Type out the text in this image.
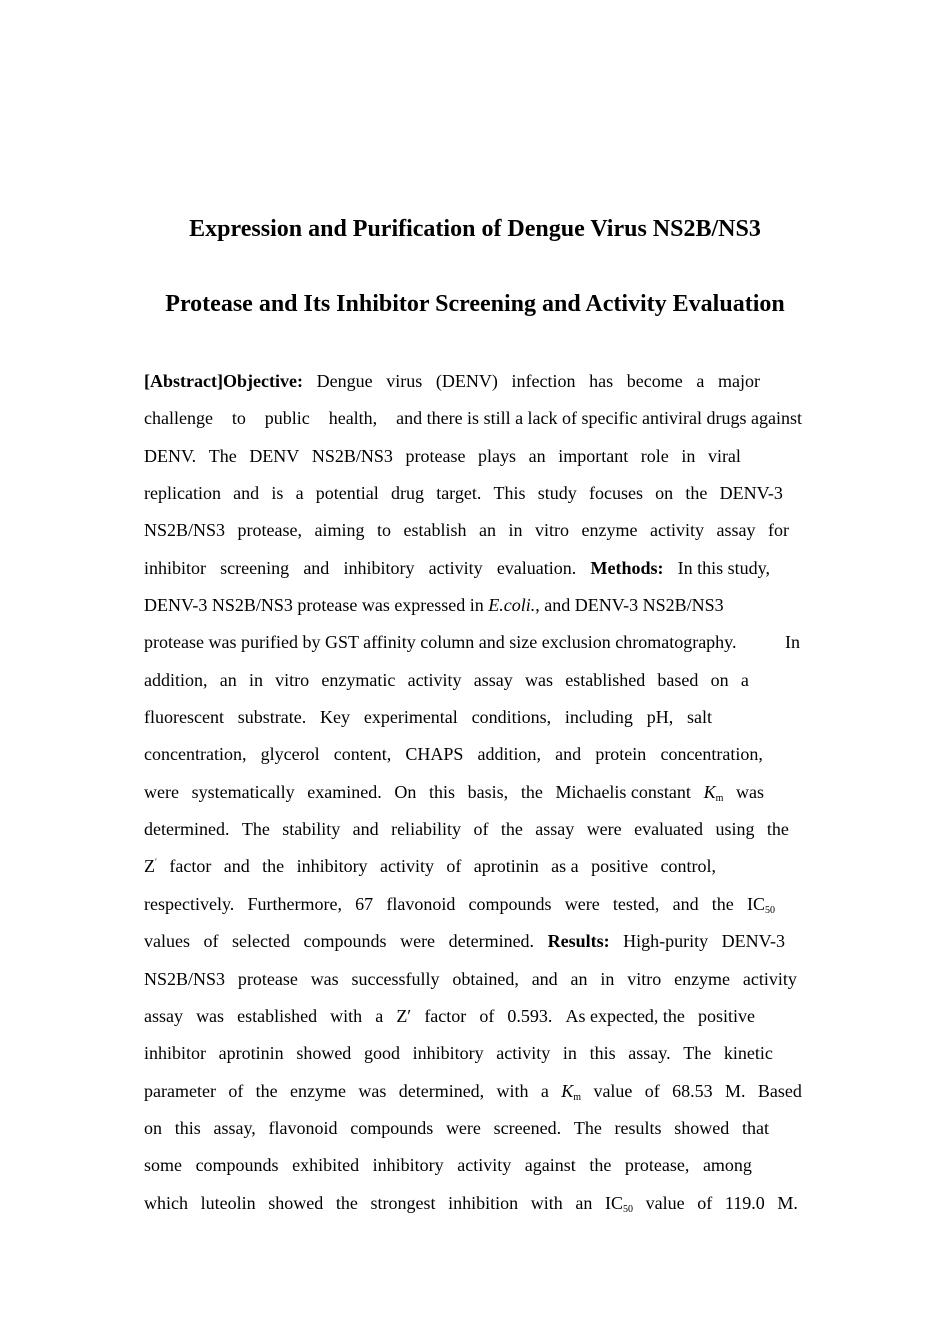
Expression and Purification of Dengue Virus NS2B/NS3
Protease and Its Inhibitor Screening and Activity Evaluation
[Abstract]Objective: Dengue virus (DENV) infection has become a major
challenge to public health, and there is still a lack of specific antiviral drugs against
DENV. The DENV NS2B/NS3 protease plays an important role in viral
replication and is a potential drug target. This study focuses on the DENV-3
NS2B/NS3 protease, aiming to establish an in vitro enzyme activity assay for
inhibitor screening and inhibitory activity evaluation. Methods: In this study,
DENV-3 NS2B/NS3 protease was expressed in E.coli., and DENV-3 NS2B/NS3
protease was purified by GST affinity column and size exclusion chromatography.	In
addition, an in vitro enzymatic activity assay was established based on a
fluorescent substrate. Key experimental conditions, including pH, salt
concentration, glycerol content, CHAPS addition, and protein concentration,
were systematically examined. On this basis, the Michaelis constant $K_m$ was
determined. The stability and reliability of the assay were evaluated using the
Z′ factor and the inhibitory activity of aprotinin as a positive control,
respectively. Furthermore, 67 flavonoid compounds were tested, and the $IC_{50}$
values of selected compounds were determined. Results: High-purity DENV-3
NS2B/NS3 protease was successfully obtained, and an in vitro enzyme activity
assay was established with a Z′ factor of 0.593. As expected, the positive
inhibitor aprotinin showed good inhibitory activity in this assay. The kinetic
parameter of the enzyme was determined, with a $K_m$ value of 68.53 M. Based
on this assay, flavonoid compounds were screened. The results showed that
some compounds exhibited inhibitory activity against the protease, among
which luteolin showed the strongest inhibition with an $IC_{50}$ value of 119.0 M.
